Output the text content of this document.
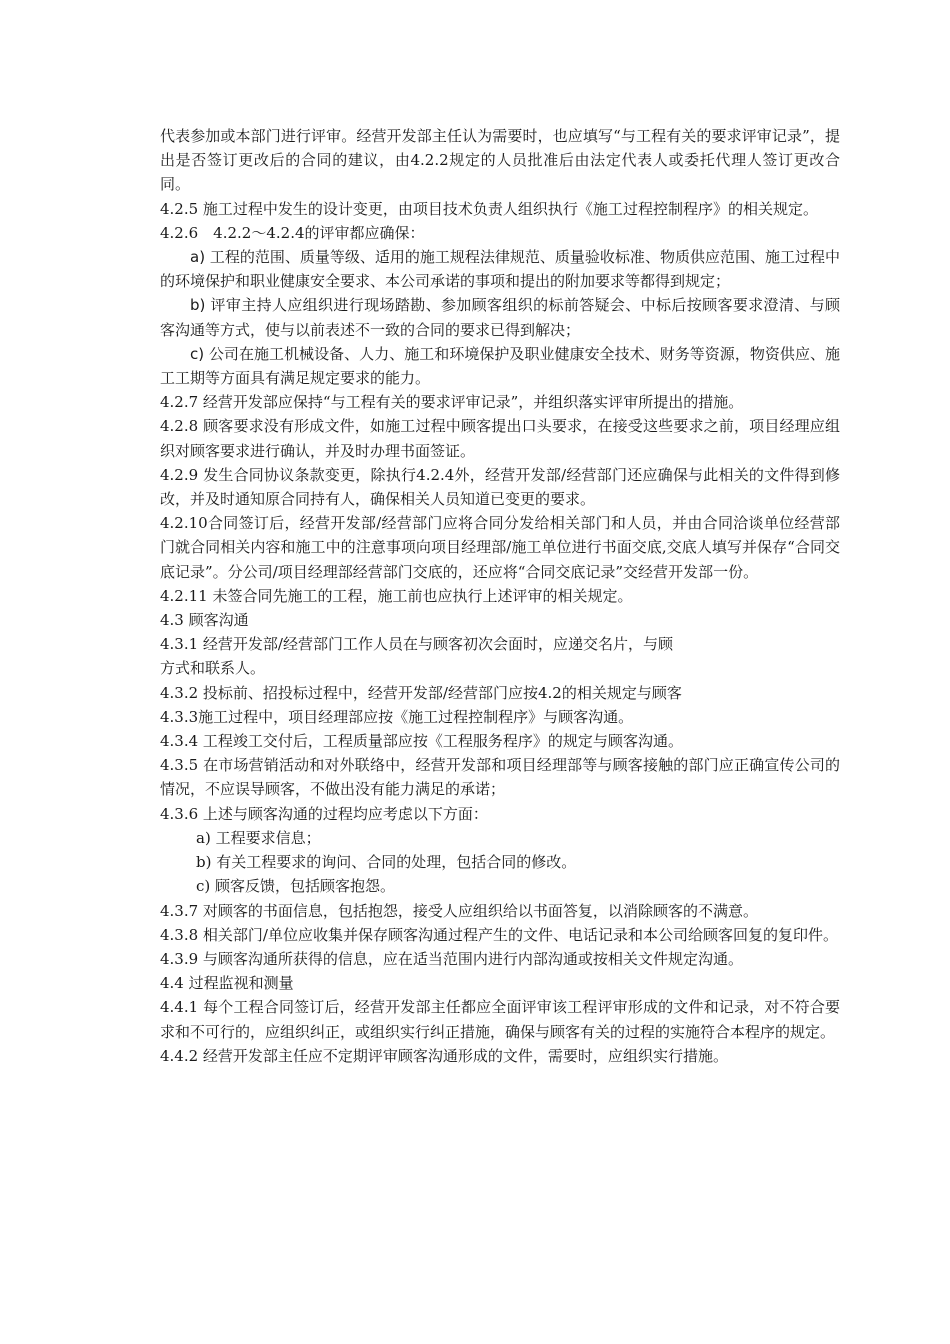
代表参加或本部门进行评审。经营开发部主任认为需要时，也应填写“与工程有关的要求评审记录”，提出是否签订更改后的合同的建议，由4.2.2规定的人员批准后由法定代表人或委托代理人签订更改合同。

4.2.5 施工过程中发生的设计变更，由项目技术负责人组织执行《施工过程控制程序》的相关规定。

4.2.6　4.2.2～4.2.4的评审都应确保：

a) 工程的范围、质量等级、适用的施工规程法律规范、质量验收标准、物质供应范围、施工过程中的环境保护和职业健康安全要求、本公司承诺的事项和提出的附加要求等都得到规定；

b) 评审主持人应组织进行现场踏勘、参加顾客组织的标前答疑会、中标后按顾客要求澄清、与顾客沟通等方式，使与以前表述不一致的合同的要求已得到解决；

c) 公司在施工机械设备、人力、施工和环境保护及职业健康安全技术、财务等资源，物资供应、施工工期等方面具有满足规定要求的能力。

4.2.7 经营开发部应保持“与工程有关的要求评审记录”，并组织落实评审所提出的措施。

4.2.8 顾客要求没有形成文件，如施工过程中顾客提出口头要求，在接受这些要求之前，项目经理应组织对顾客要求进行确认，并及时办理书面签证。

4.2.9 发生合同协议条款变更，除执行4.2.4外，经营开发部/经营部门还应确保与此相关的文件得到修改，并及时通知原合同持有人，确保相关人员知道已变更的要求。

4.2.10合同签订后，经营开发部/经营部门应将合同分发给相关部门和人员，并由合同洽谈单位经营部门就合同相关内容和施工中的注意事项向项目经理部/施工单位进行书面交底,交底人填写并保存“合同交底记录”。分公司/项目经理部经营部门交底的，还应将“合同交底记录”交经营开发部一份。

4.2.11 未签合同先施工的工程，施工前也应执行上述评审的相关规定。

4.3 顾客沟通

4.3.1 经营开发部/经营部门工作人员在与顾客初次会面时，应递交名片，与顾

方式和联系人。

4.3.2 投标前、招投标过程中，经营开发部/经营部门应按4.2的相关规定与顾客

4.3.3施工过程中，项目经理部应按《施工过程控制程序》与顾客沟通。

4.3.4 工程竣工交付后，工程质量部应按《工程服务程序》的规定与顾客沟通。

4.3.5 在市场营销活动和对外联络中，经营开发部和项目经理部等与顾客接触的部门应正确宣传公司的情况，不应误导顾客，不做出没有能力满足的承诺；

4.3.6 上述与顾客沟通的过程均应考虑以下方面：

a) 工程要求信息；

b) 有关工程要求的询问、合同的处理，包括合同的修改。

c) 顾客反馈，包括顾客抱怨。

4.3.7 对顾客的书面信息，包括抱怨，接受人应组织给以书面答复，以消除顾客的不满意。

4.3.8 相关部门/单位应收集并保存顾客沟通过程产生的文件、电话记录和本公司给顾客回复的复印件。

4.3.9 与顾客沟通所获得的信息，应在适当范围内进行内部沟通或按相关文件规定沟通。

4.4 过程监视和测量

4.4.1 每个工程合同签订后，经营开发部主任都应全面评审该工程评审形成的文件和记录，对不符合要求和不可行的，应组织纠正，或组织实行纠正措施，确保与顾客有关的过程的实施符合本程序的规定。

4.4.2 经营开发部主任应不定期评审顾客沟通形成的文件，需要时，应组织实行措施。
